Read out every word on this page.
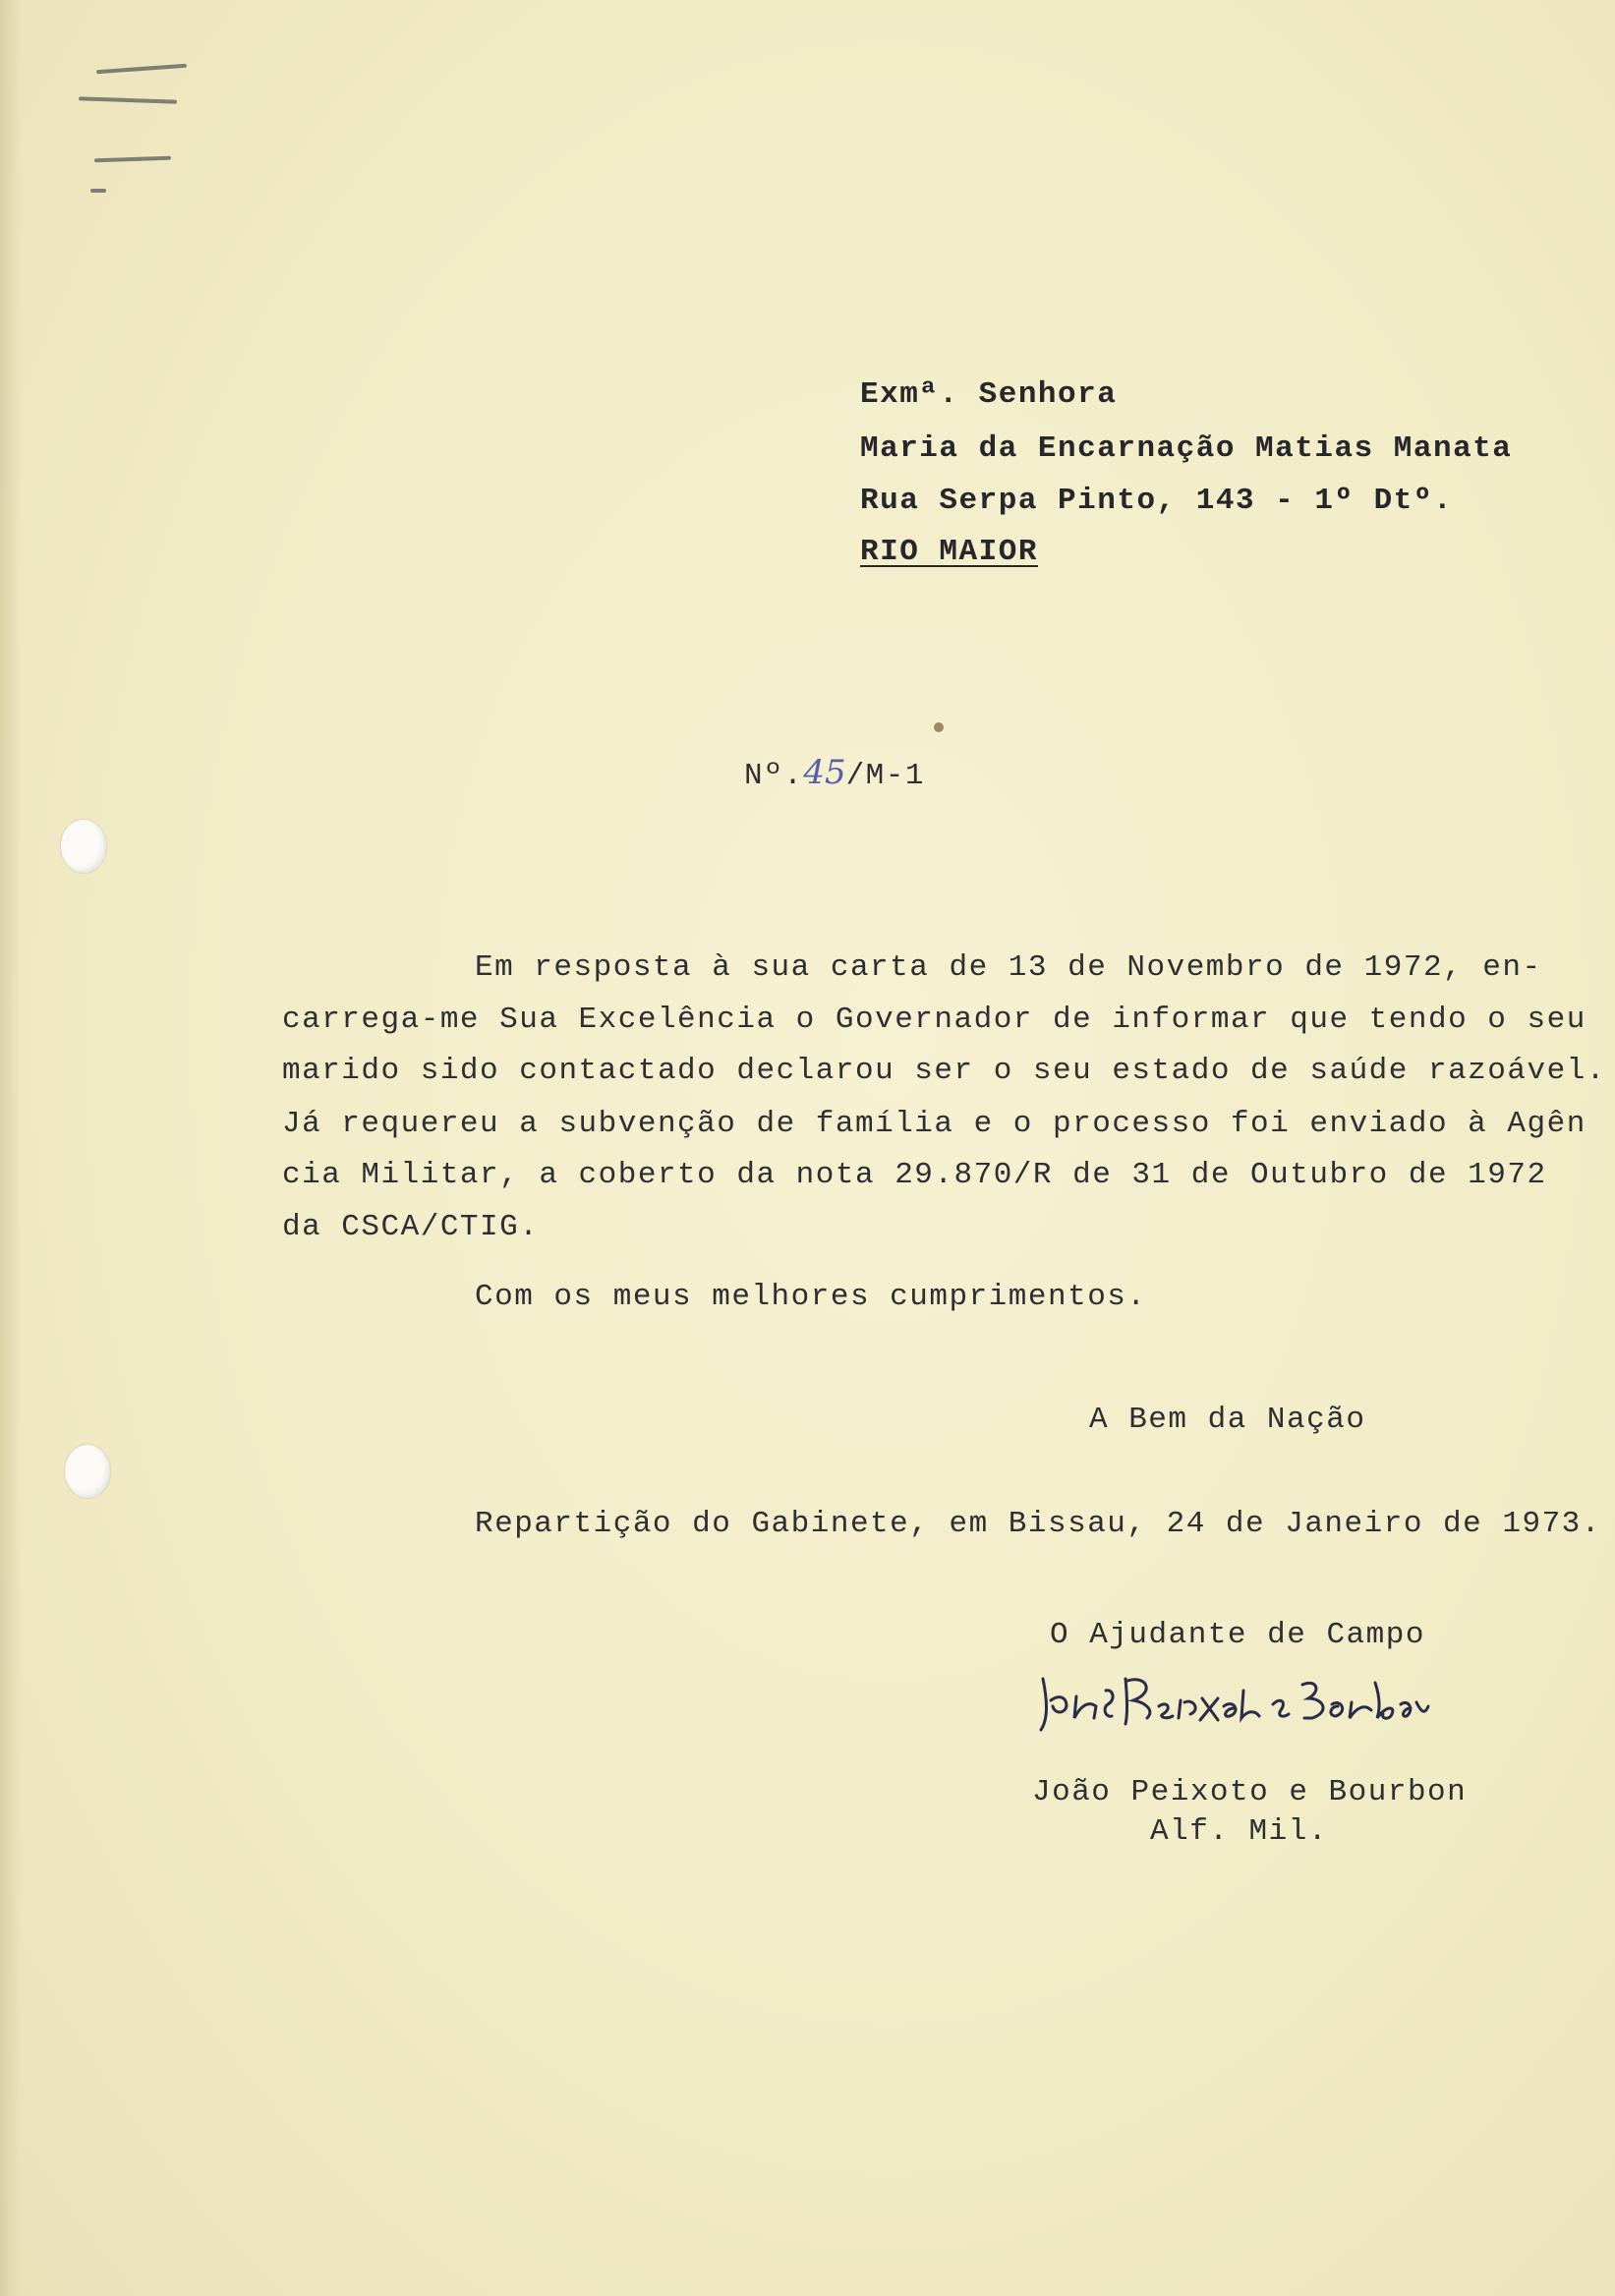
Exmª. Senhora

Maria da Encarnação Matias Manata

Rua Serpa Pinto, 143 - 1º Dtº.

RIO MAIOR

Nº.45/M-1

Em resposta à sua carta de 13 de Novembro de 1972, en-

carrega-me Sua Excelência o Governador de informar que tendo o seu

marido sido contactado declarou ser o seu estado de saúde razoável.

Já requereu a subvenção de família e o processo foi enviado à Agên

cia Militar, a coberto da nota 29.870/R de 31 de Outubro de 1972

da CSCA/CTIG.

Com os meus melhores cumprimentos.

A Bem da Nação

Repartição do Gabinete, em Bissau, 24 de Janeiro de 1973.

O Ajudante de Campo

João Peixoto e Bourbon

Alf. Mil.
